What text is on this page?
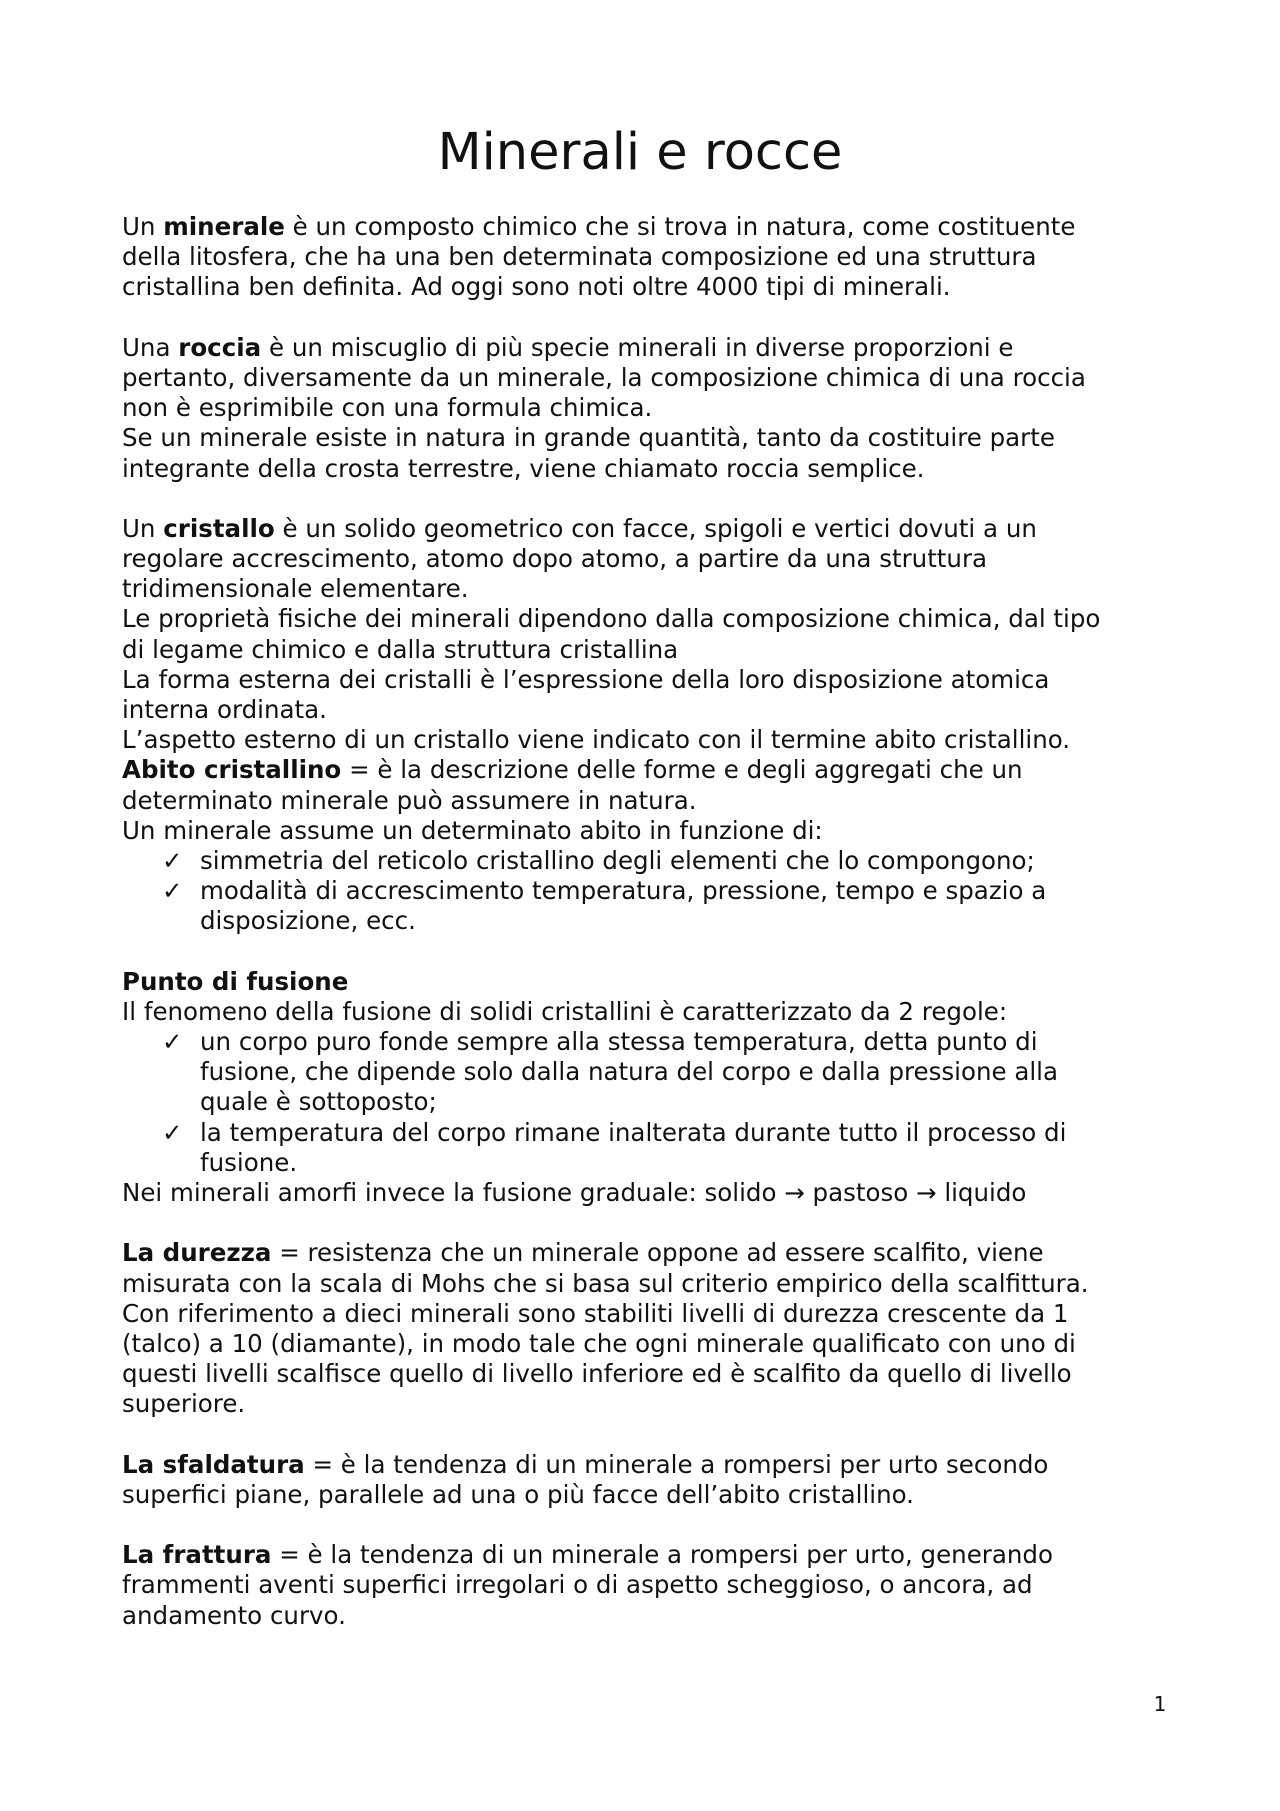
Minerali e rocce
Un minerale è un composto chimico che si trova in natura, come costituente
della litosfera, che ha una ben determinata composizione ed una struttura
cristallina ben definita. Ad oggi sono noti oltre 4000 tipi di minerali.
Una roccia è un miscuglio di più specie minerali in diverse proporzioni e
pertanto, diversamente da un minerale, la composizione chimica di una roccia
non è esprimibile con una formula chimica.
Se un minerale esiste in natura in grande quantità, tanto da costituire parte
integrante della crosta terrestre, viene chiamato roccia semplice.
Un cristallo è un solido geometrico con facce, spigoli e vertici dovuti a un
regolare accrescimento, atomo dopo atomo, a partire da una struttura
tridimensionale elementare.
Le proprietà fisiche dei minerali dipendono dalla composizione chimica, dal tipo
di legame chimico e dalla struttura cristallina
La forma esterna dei cristalli è l’espressione della loro disposizione atomica
interna ordinata.
L’aspetto esterno di un cristallo viene indicato con il termine abito cristallino.
Abito cristallino = è la descrizione delle forme e degli aggregati che un
determinato minerale può assumere in natura.
Un minerale assume un determinato abito in funzione di:
✓ simmetria del reticolo cristallino degli elementi che lo compongono;
✓ modalità di accrescimento temperatura, pressione, tempo e spazio a
disposizione, ecc.
Punto di fusione
Il fenomeno della fusione di solidi cristallini è caratterizzato da 2 regole:
✓ un corpo puro fonde sempre alla stessa temperatura, detta punto di
fusione, che dipende solo dalla natura del corpo e dalla pressione alla
quale è sottoposto;
✓ la temperatura del corpo rimane inalterata durante tutto il processo di
fusione.
Nei minerali amorfi invece la fusione graduale: solido → pastoso → liquido
La durezza = resistenza che un minerale oppone ad essere scalfito, viene
misurata con la scala di Mohs che si basa sul criterio empirico della scalfittura.
Con riferimento a dieci minerali sono stabiliti livelli di durezza crescente da 1
(talco) a 10 (diamante), in modo tale che ogni minerale qualificato con uno di
questi livelli scalfisce quello di livello inferiore ed è scalfito da quello di livello
superiore.
La sfaldatura = è la tendenza di un minerale a rompersi per urto secondo
superfici piane, parallele ad una o più facce dell’abito cristallino.
La frattura = è la tendenza di un minerale a rompersi per urto, generando
frammenti aventi superfici irregolari o di aspetto scheggioso, o ancora, ad
andamento curvo.
1
